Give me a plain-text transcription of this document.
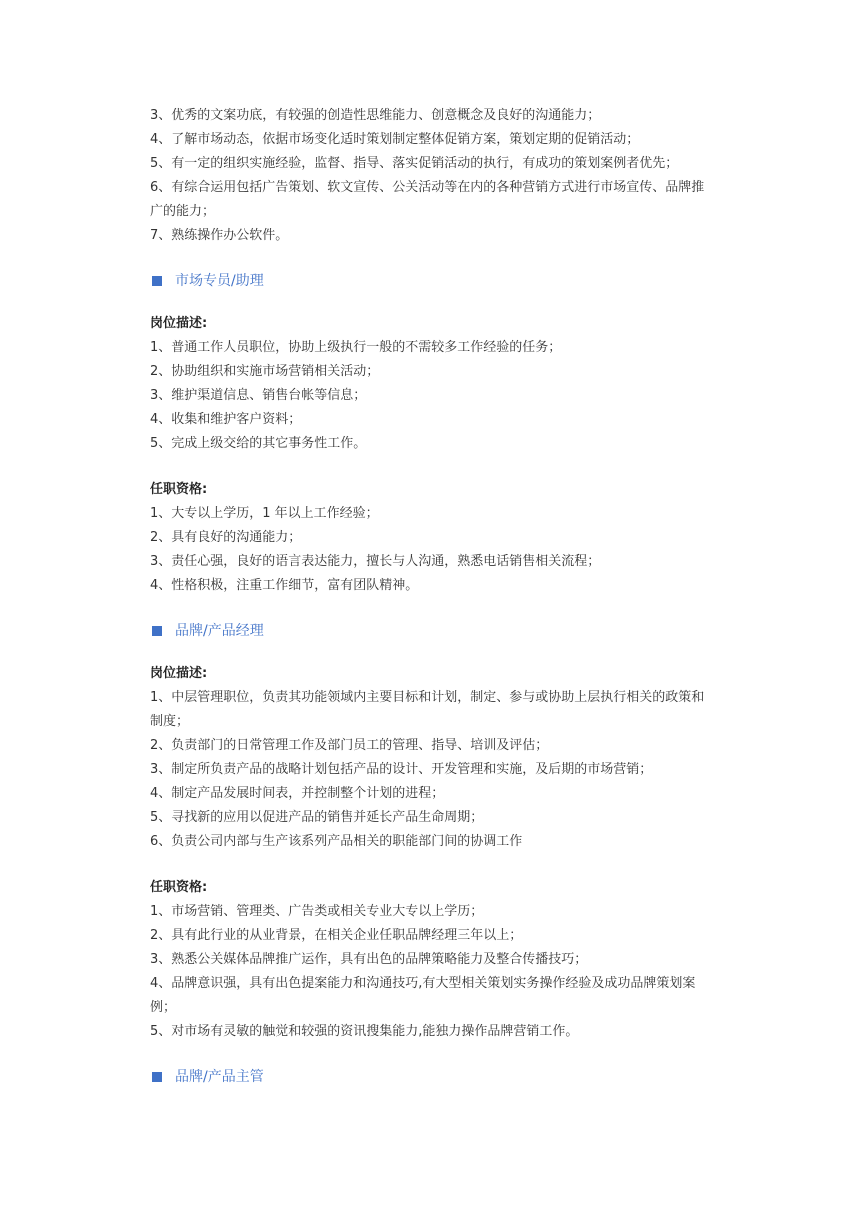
3、优秀的文案功底，有较强的创造性思维能力、创意概念及良好的沟通能力；
4、了解市场动态，依据市场变化适时策划制定整体促销方案，策划定期的促销活动；
5、有一定的组织实施经验，监督、指导、落实促销活动的执行，有成功的策划案例者优先；
6、有综合运用包括广告策划、软文宣传、公关活动等在内的各种营销方式进行市场宣传、品牌推
广的能力；
7、熟练操作办公软件。
市场专员/助理
岗位描述:
1、普通工作人员职位，协助上级执行一般的不需较多工作经验的任务；
2、协助组织和实施市场营销相关活动；
3、维护渠道信息、销售台帐等信息；
4、收集和维护客户资料；
5、完成上级交给的其它事务性工作。
任职资格:
1、大专以上学历，1 年以上工作经验；
2、具有良好的沟通能力；
3、责任心强，良好的语言表达能力，擅长与人沟通，熟悉电话销售相关流程；
4、性格积极，注重工作细节，富有团队精神。
品牌/产品经理
岗位描述:
1、中层管理职位，负责其功能领域内主要目标和计划，制定、参与或协助上层执行相关的政策和
制度；
2、负责部门的日常管理工作及部门员工的管理、指导、培训及评估；
3、制定所负责产品的战略计划包括产品的设计、开发管理和实施，及后期的市场营销；
4、制定产品发展时间表，并控制整个计划的进程；
5、寻找新的应用以促进产品的销售并延长产品生命周期；
6、负责公司内部与生产该系列产品相关的职能部门间的协调工作
任职资格:
1、市场营销、管理类、广告类或相关专业大专以上学历；
2、具有此行业的从业背景，在相关企业任职品牌经理三年以上；
3、熟悉公关媒体品牌推广运作，具有出色的品牌策略能力及整合传播技巧；
4、品牌意识强，具有出色提案能力和沟通技巧,有大型相关策划实务操作经验及成功品牌策划案
例；
5、对市场有灵敏的触觉和较强的资讯搜集能力,能独力操作品牌营销工作。
品牌/产品主管
